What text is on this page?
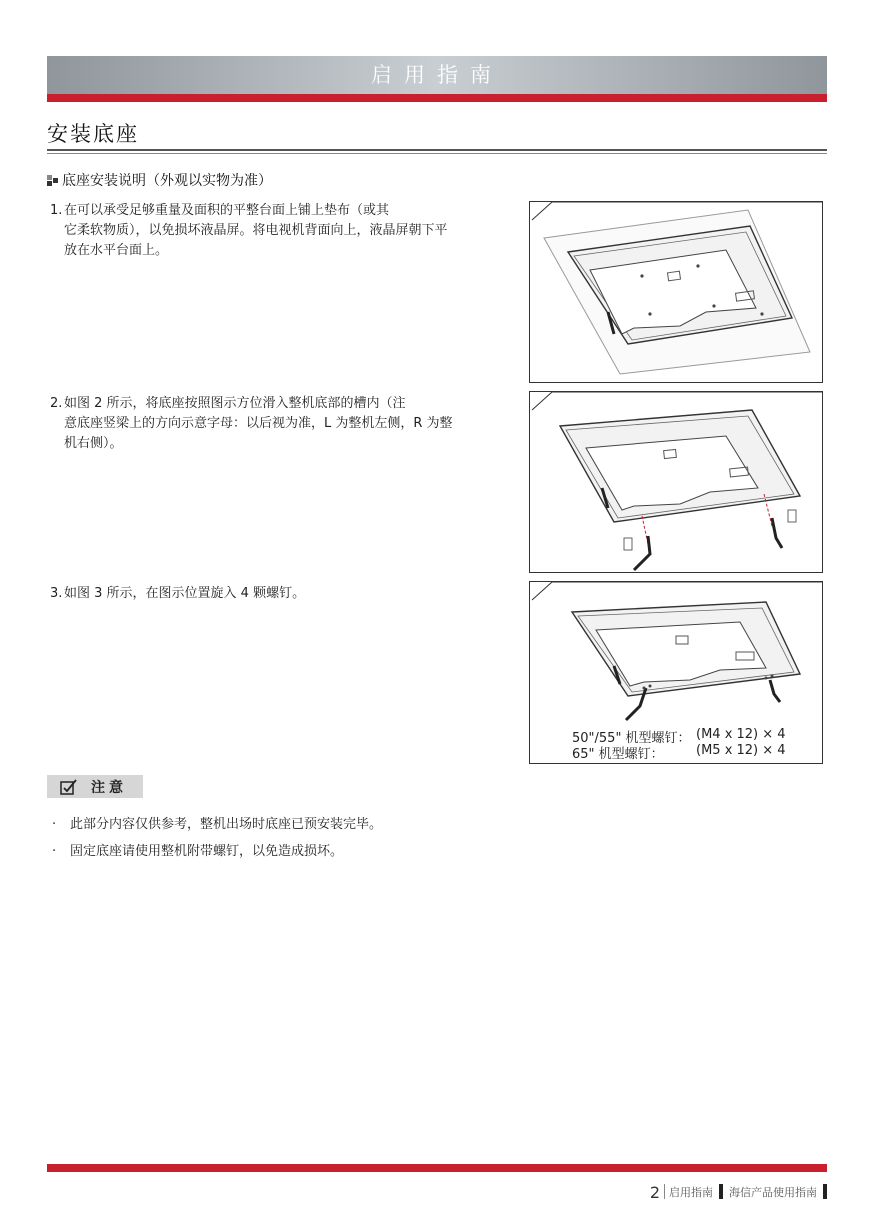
启用指南
安装底座
底座安装说明（外观以实物为准）
1. 在可以承受足够重量及面积的平整台面上铺上垫布（或其
它柔软物质），以免损坏液晶屏。将电视机背面向上，液晶屏朝下平放在水平台面上。
2. 如图 2 所示，将底座按照图示方位滑入整机底部的槽内（注
意底座竖梁上的方向示意字母：以后视为准，L 为整机左侧，R 为整机右侧）。
3. 如图 3 所示，在图示位置旋入 4 颗螺钉。
50"/55" 机型螺钉： (M4 x 12) × 4
65" 机型螺钉： (M5 x 12) × 4
注意
· 此部分内容仅供参考，整机出场时底座已预安装完毕。
· 固定底座请使用整机附带螺钉，以免造成损坏。
2 启用指南 海信产品使用指南
